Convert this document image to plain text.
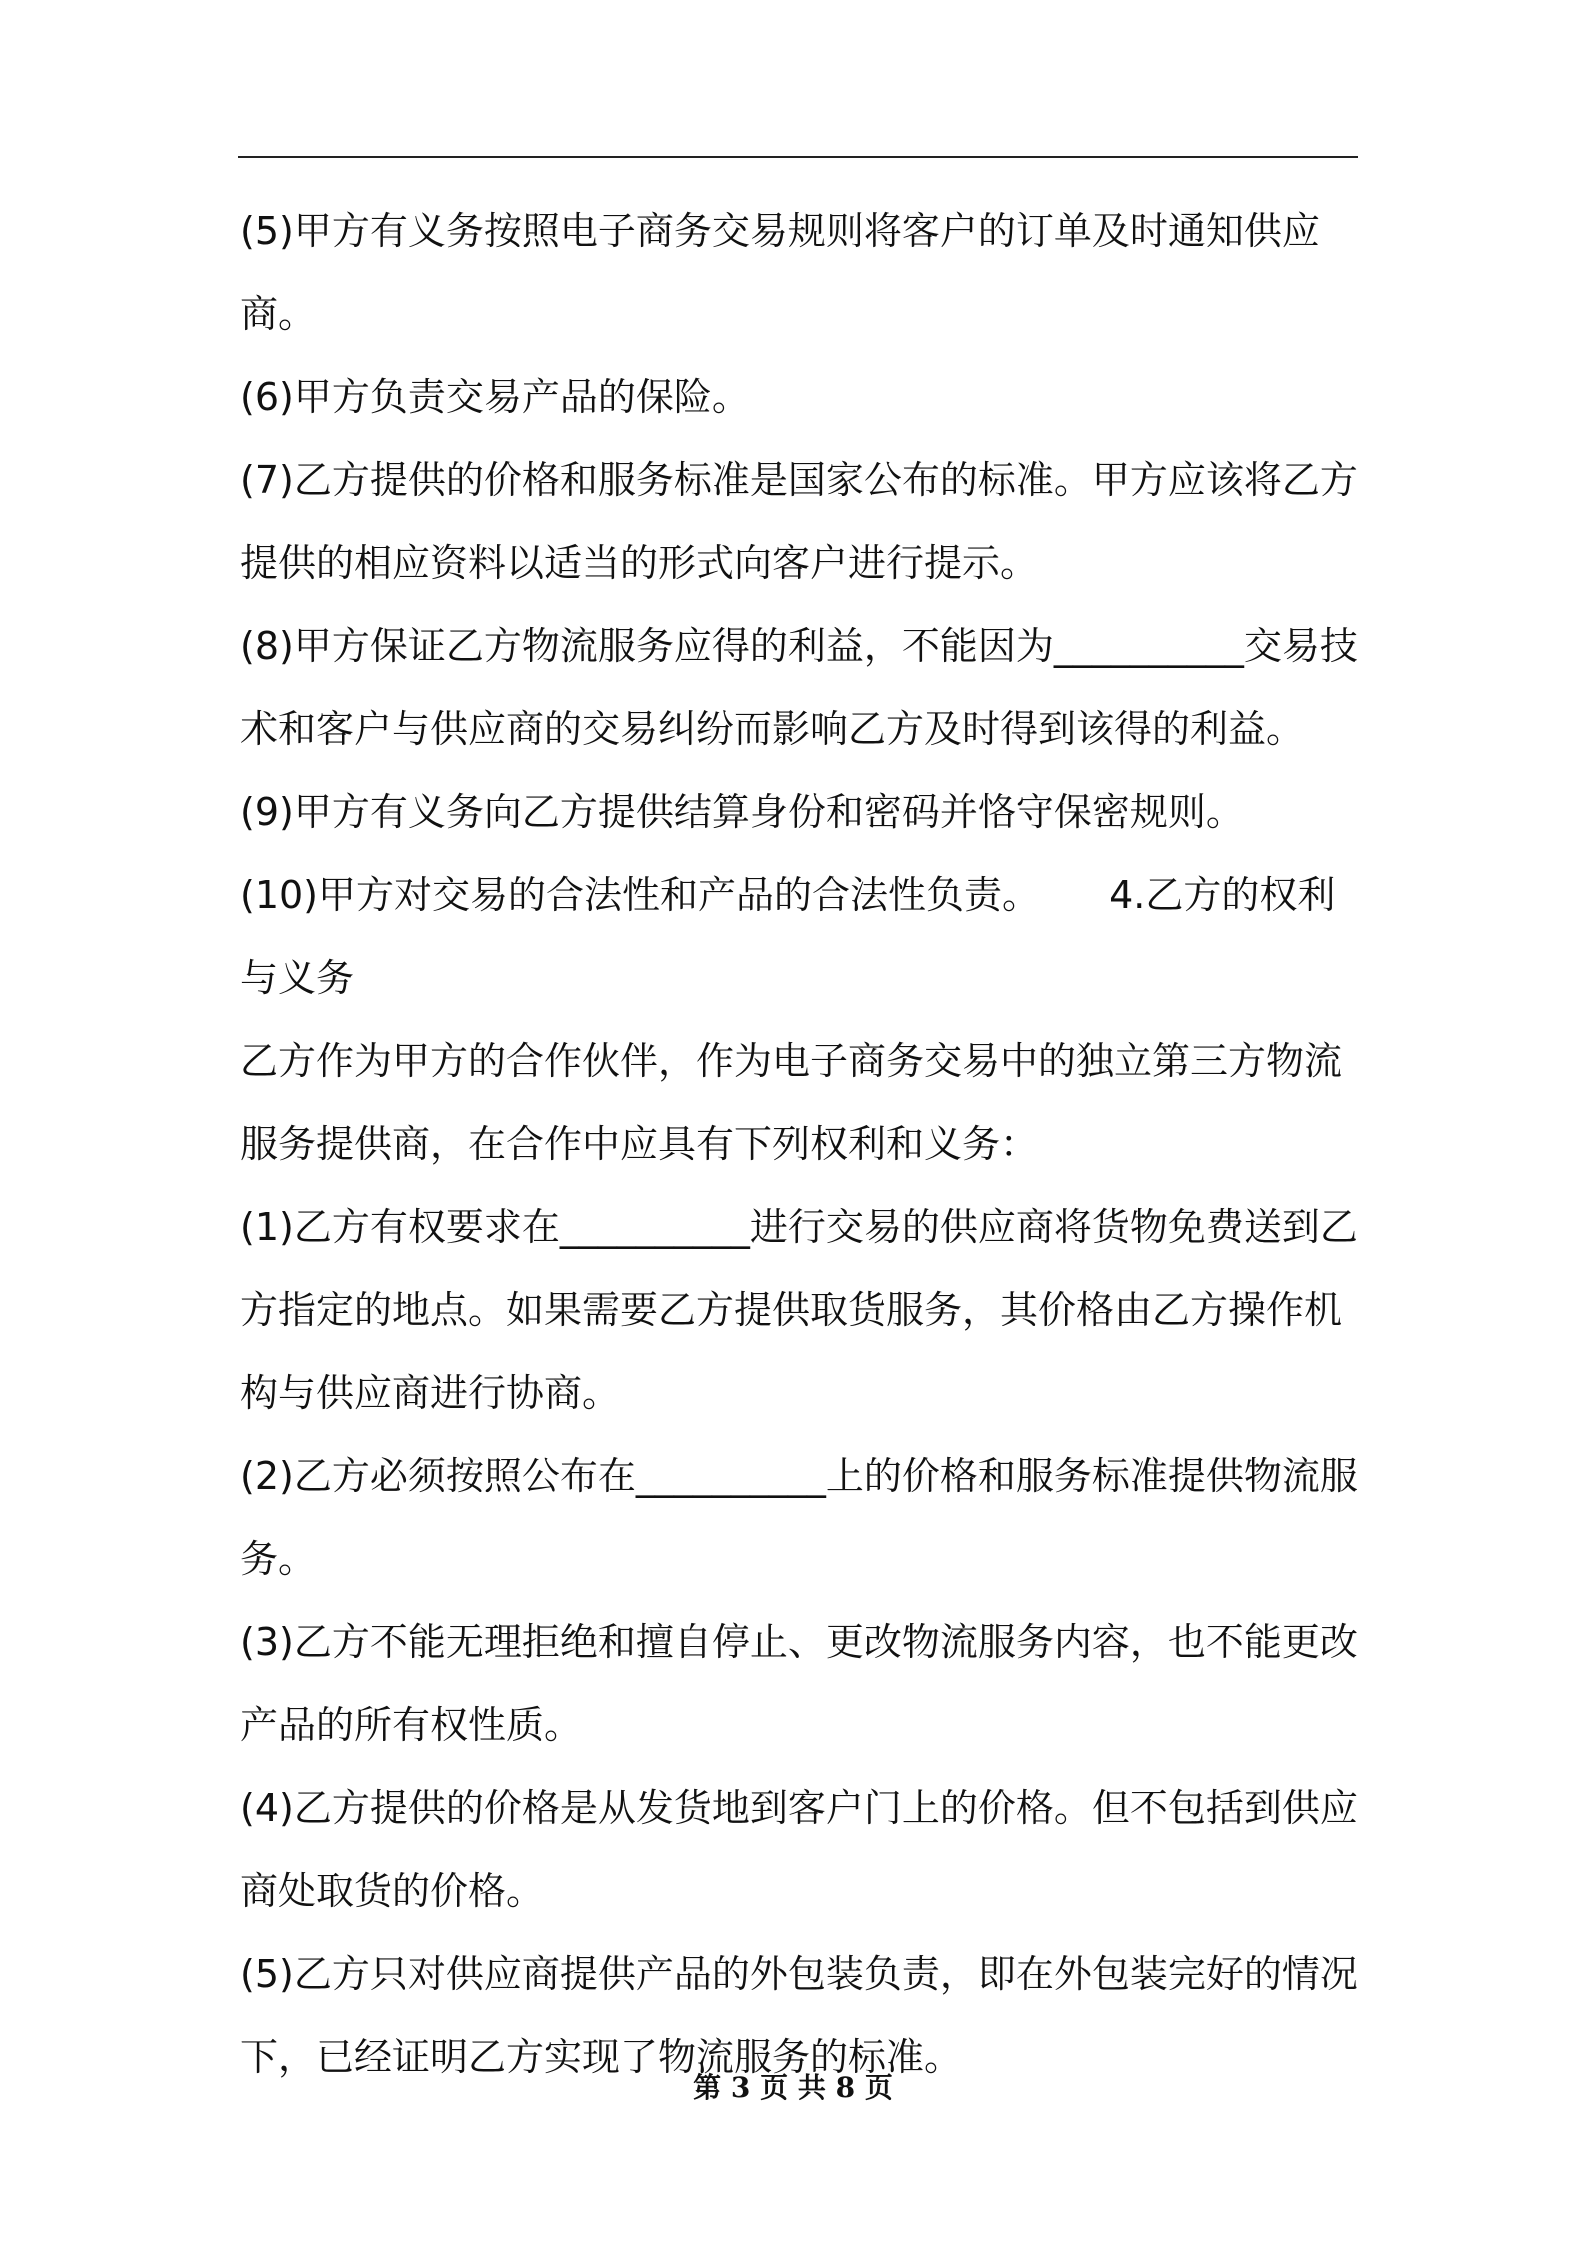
(5)甲方有义务按照电子商务交易规则将客户的订单及时通知供应商。

(6)甲方负责交易产品的保险。

(7)乙方提供的价格和服务标准是国家公布的标准。甲方应该将乙方提供的相应资料以适当的形式向客户进行提示。

(8)甲方保证乙方物流服务应得的利益，不能因为__________交易技术和客户与供应商的交易纠纷而影响乙方及时得到该得的利益。

(9)甲方有义务向乙方提供结算身份和密码并恪守保密规则。

(10)甲方对交易的合法性和产品的合法性负责。　　 4.乙方的权利与义务

乙方作为甲方的合作伙伴，作为电子商务交易中的独立第三方物流服务提供商，在合作中应具有下列权利和义务：

(1)乙方有权要求在__________进行交易的供应商将货物免费送到乙方指定的地点。如果需要乙方提供取货服务，其价格由乙方操作机构与供应商进行协商。

(2)乙方必须按照公布在__________上的价格和服务标准提供物流服务。

(3)乙方不能无理拒绝和擅自停止、更改物流服务内容，也不能更改产品的所有权性质。

(4)乙方提供的价格是从发货地到客户门上的价格。但不包括到供应商处取货的价格。

(5)乙方只对供应商提供产品的外包装负责，即在外包装完好的情况下，已经证明乙方实现了物流服务的标准。

第 3 页 共 8 页
